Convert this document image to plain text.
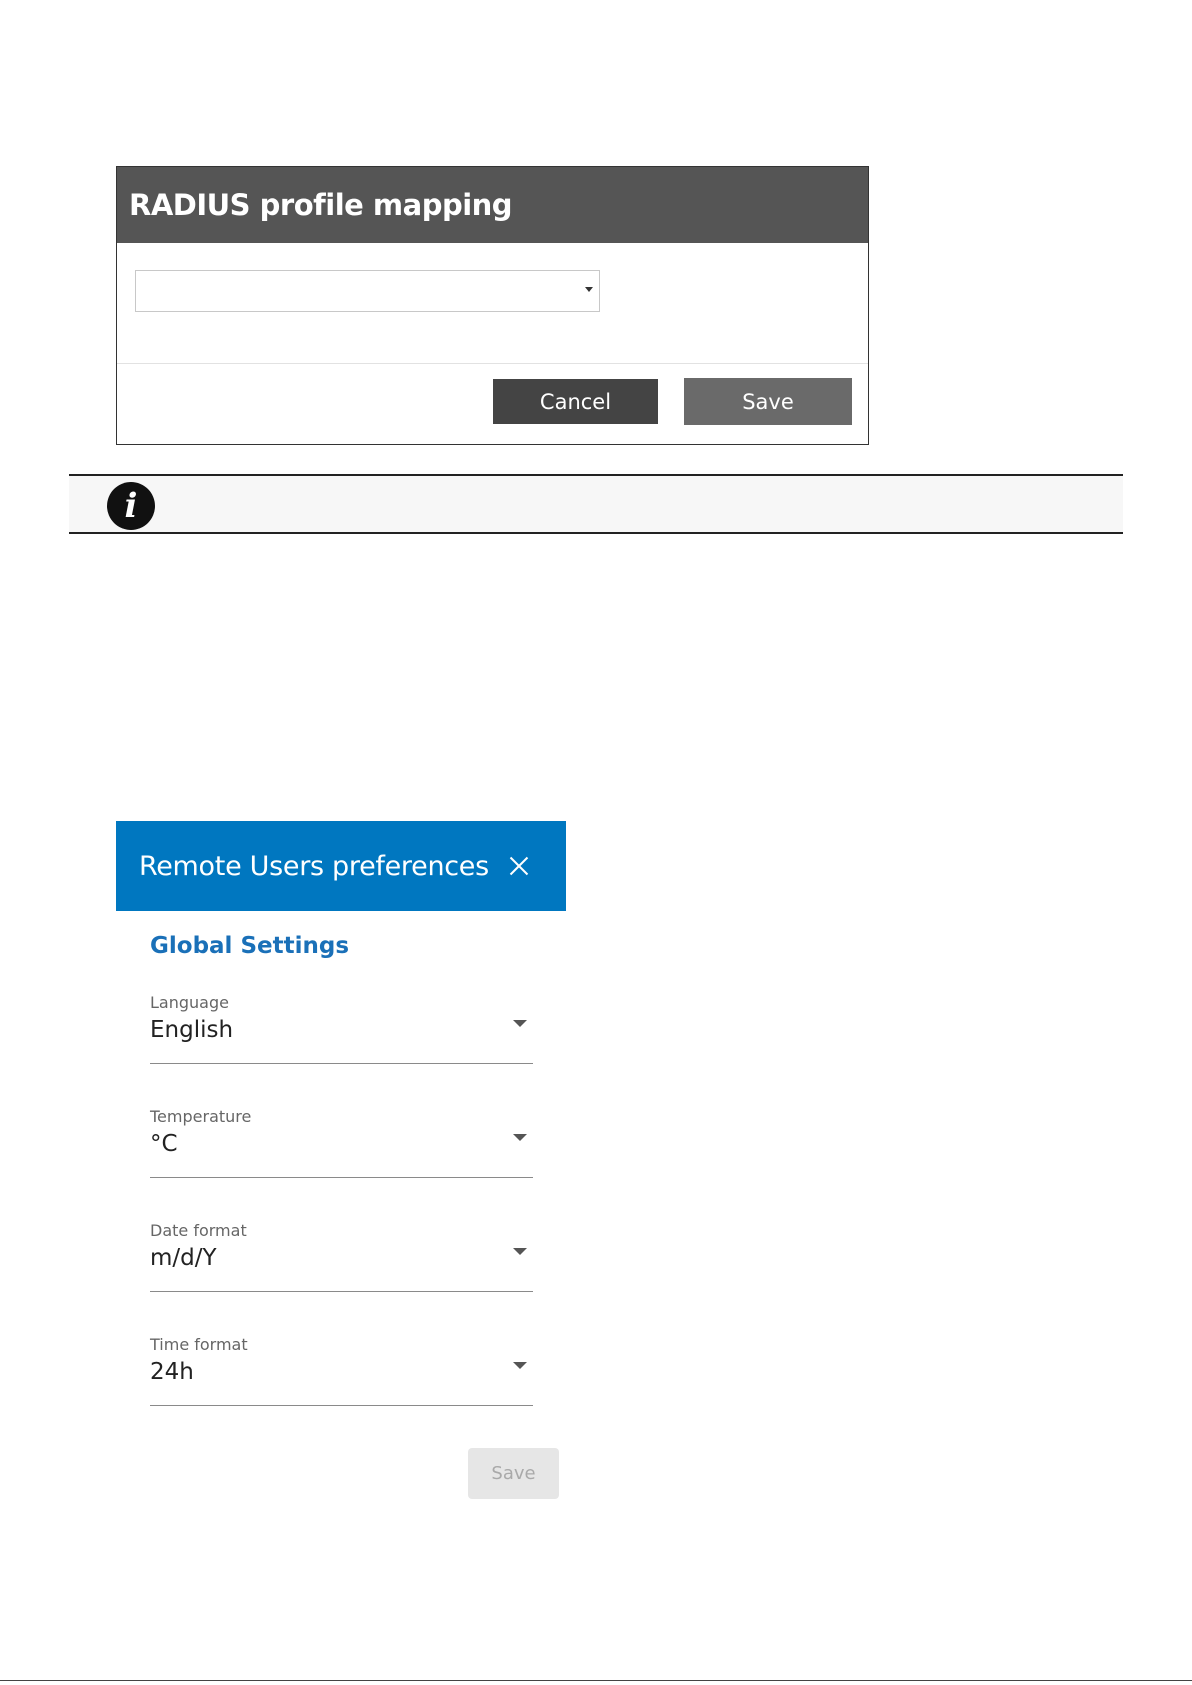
RADIUS profile mapping
Cancel	Save
i
Remote Users preferences
Global Settings
Language
English
Temperature
°C
Date format
m/d/Y
Time format
24h
Save
